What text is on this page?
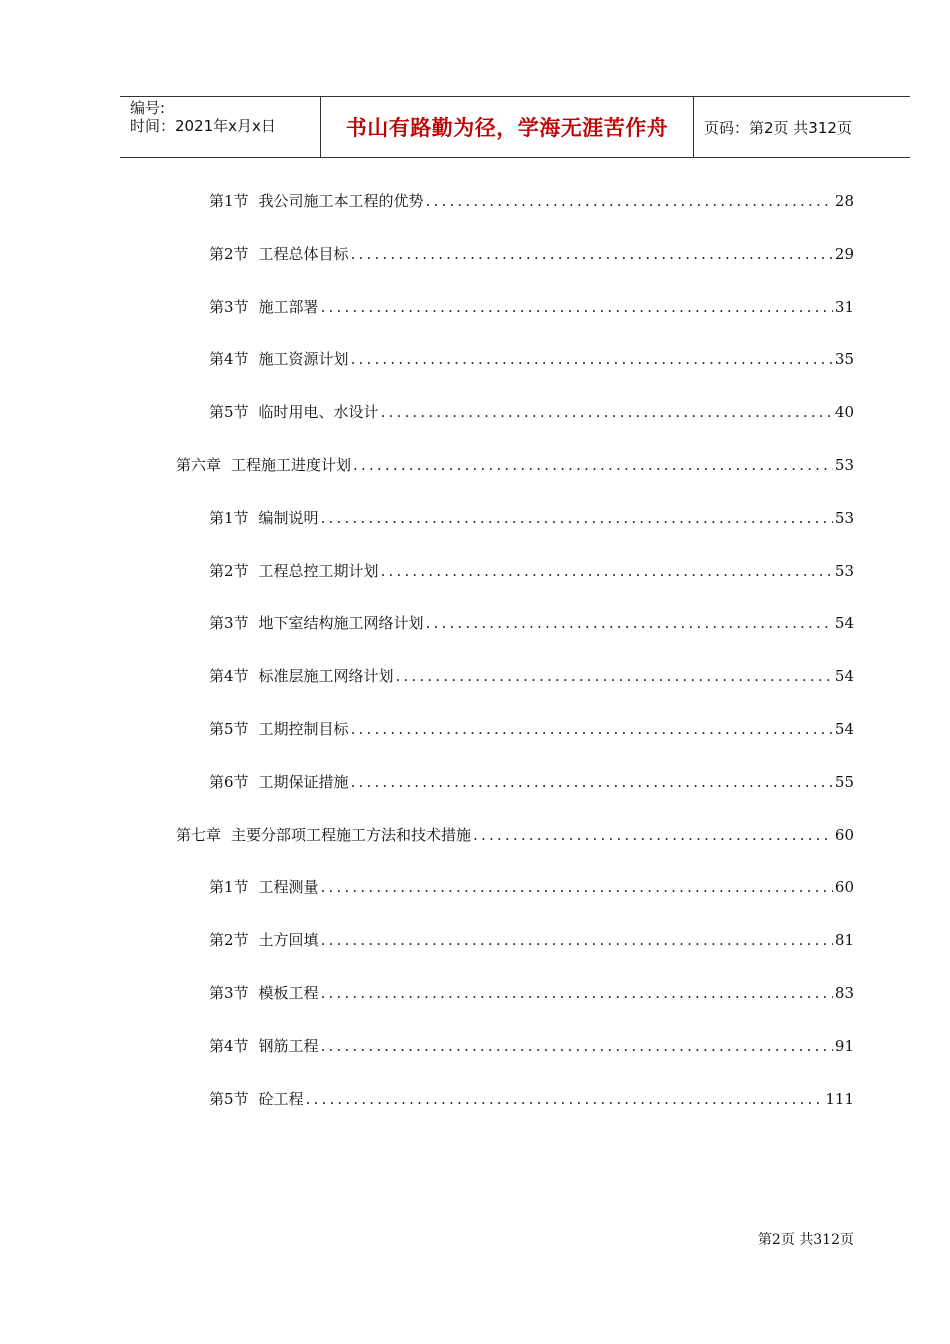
编号:
时间：2021年x月x日	书山有路勤为径，学海无涯苦作舟 页码：第2页 共312页
第1节 我公司施工本工程的优势 .....	28
第2节 工程总体目标 .....	29
第3节 施工部署 .....	31
第4节 施工资源计划 .....	35
第5节 临时用电、水设计 .....	40
第六章 工程施工进度计划 .....	53
第1节 编制说明 .....	53
第2节 工程总控工期计划 .....	53
第3节 地下室结构施工网络计划 .....	54
第4节 标准层施工网络计划 .....	54
第5节 工期控制目标 .....	54
第6节 工期保证措施 .....	55
第七章 主要分部项工程施工方法和技术措施 .....	60
第1节 工程测量 .....	60
第2节 土方回填 .....	81
第3节 模板工程 .....	83
第4节 钢筋工程 .....	91
第5节 砼工程 .....	111
第2页 共312页
